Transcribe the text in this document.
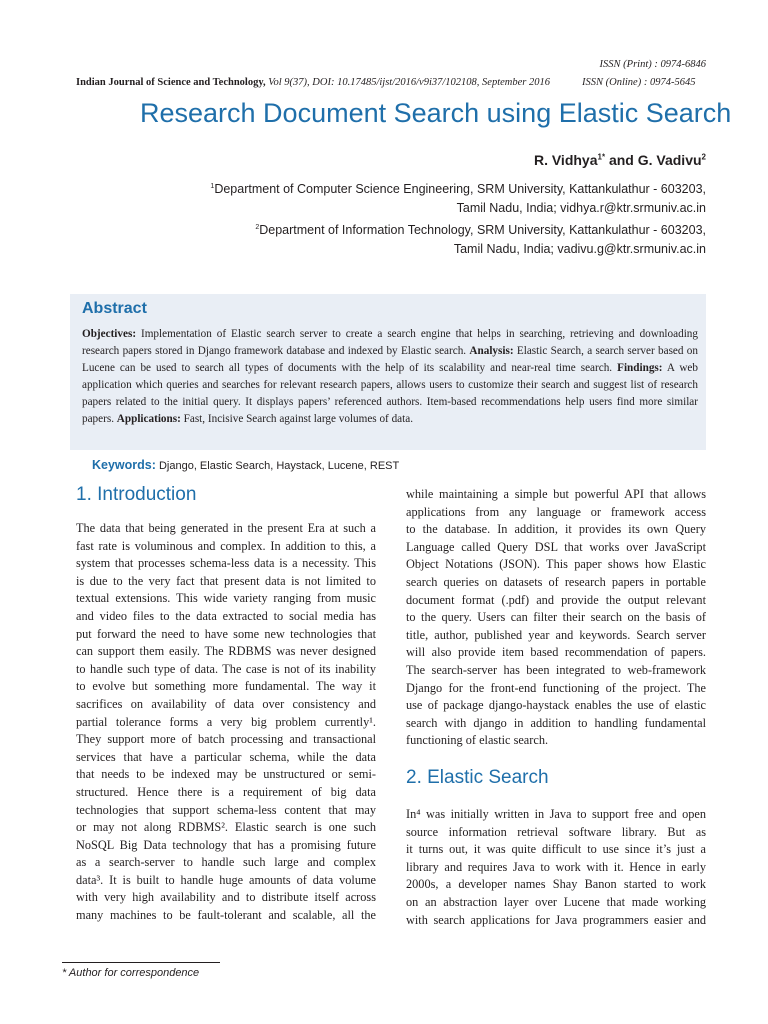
ISSN (Print) : 0974-6846
Indian Journal of Science and Technology, Vol 9(37), DOI: 10.17485/ijst/2016/v9i37/102108, September 2016	ISSN (Online) : 0974-5645
Research Document Search using Elastic Search
R. Vidhya$^{1*}$ and G. Vadivu$^2$
$^1$Department of Computer Science Engineering, SRM University, Kattankulathur - 603203,
Tamil Nadu, India; vidhya.r@ktr.srmuniv.ac.in
$^2$Department of Information Technology, SRM University, Kattankulathur - 603203,
Tamil Nadu, India; vadivu.g@ktr.srmuniv.ac.in
Abstract
Objectives: Implementation of Elastic search server to create a search engine that helps in searching, retrieving and downloading research papers stored in Django framework database and indexed by Elastic search. Analysis: Elastic Search, a search server based on Lucene can be used to search all types of documents with the help of its scalability and near-real time search. Findings: A web application which queries and searches for relevant research papers, allows users to customize their search and suggest list of research papers related to the initial query. It displays papers’ referenced authors. Item-based recommendations help users find more similar papers. Applications: Fast, Incisive Search against large volumes of data.
Keywords: Django, Elastic Search, Haystack, Lucene, REST
1. Introduction
2. Elastic Search
The data that being generated in the present Era at such a
fast rate is voluminous and complex. In addition to this, a
system that processes schema-less data is a necessity. This
is due to the very fact that present data is not limited to
textual extensions. This wide variety ranging from music
and video files to the data extracted to social media has
put forward the need to have some new technologies that
can support them easily. The RDBMS was never designed
to handle such type of data. The case is not of its inability
to evolve but something more fundamental. The way it
sacrifices on availability of data over consistency and
partial tolerance forms a very big problem currently¹.
They support more of batch processing and transactional
services that have a particular schema, while the data
that needs to be indexed may be unstructured or semi-
structured. Hence there is a requirement of big data
technologies that support schema-less content that may
or may not along RDBMS². Elastic search is one such
NoSQL Big Data technology that has a promising future
as a search-server to handle such large and complex
data³. It is built to handle huge amounts of data volume
with very high availability and to distribute itself across
many machines to be fault-tolerant and scalable, all the
while maintaining a simple but powerful API that allows
applications from any language or framework access
to the database. In addition, it provides its own Query
Language called Query DSL that works over JavaScript
Object Notations (JSON). This paper shows how Elastic
search queries on datasets of research papers in portable
document format (.pdf) and provide the output relevant
to the query. Users can filter their search on the basis of
title, author, published year and keywords. Search server
will also provide item based recommendation of papers.
The search-server has been integrated to web-framework
Django for the front-end functioning of the project. The
use of package django-haystack enables the use of elastic
search with django in addition to handling fundamental
functioning of elastic search.
In⁴ was initially written in Java to support free and open
source information retrieval software library. But as
it turns out, it was quite difficult to use since it’s just a
library and requires Java to work with it. Hence in early
2000s, a developer names Shay Banon started to work
on an abstraction layer over Lucene that made working
with search applications for Java programmers easier and
* Author for correspondence
